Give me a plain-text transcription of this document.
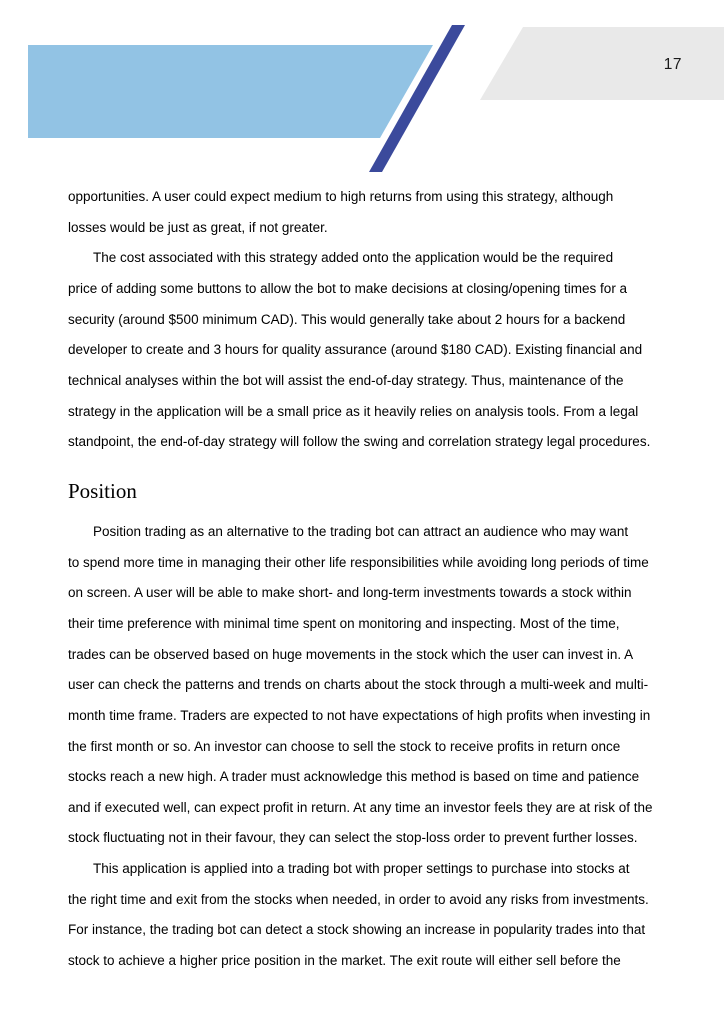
17
opportunities. A user could expect medium to high returns from using this strategy, although
losses would be just as great, if not greater.
The cost associated with this strategy added onto the application would be the required
price of adding some buttons to allow the bot to make decisions at closing/opening times for a
security (around $500 minimum CAD). This would generally take about 2 hours for a backend
developer to create and 3 hours for quality assurance (around $180 CAD). Existing financial and
technical analyses within the bot will assist the end-of-day strategy. Thus, maintenance of the
strategy in the application will be a small price as it heavily relies on analysis tools. From a legal
standpoint, the end-of-day strategy will follow the swing and correlation strategy legal procedures.
Position
Position trading as an alternative to the trading bot can attract an audience who may want
to spend more time in managing their other life responsibilities while avoiding long periods of time
on screen. A user will be able to make short- and long-term investments towards a stock within
their time preference with minimal time spent on monitoring and inspecting. Most of the time,
trades can be observed based on huge movements in the stock which the user can invest in. A
user can check the patterns and trends on charts about the stock through a multi-week and multi-
month time frame. Traders are expected to not have expectations of high profits when investing in
the first month or so. An investor can choose to sell the stock to receive profits in return once
stocks reach a new high. A trader must acknowledge this method is based on time and patience
and if executed well, can expect profit in return. At any time an investor feels they are at risk of the
stock fluctuating not in their favour, they can select the stop-loss order to prevent further losses.
This application is applied into a trading bot with proper settings to purchase into stocks at
the right time and exit from the stocks when needed, in order to avoid any risks from investments.
For instance, the trading bot can detect a stock showing an increase in popularity trades into that
stock to achieve a higher price position in the market. The exit route will either sell before the
